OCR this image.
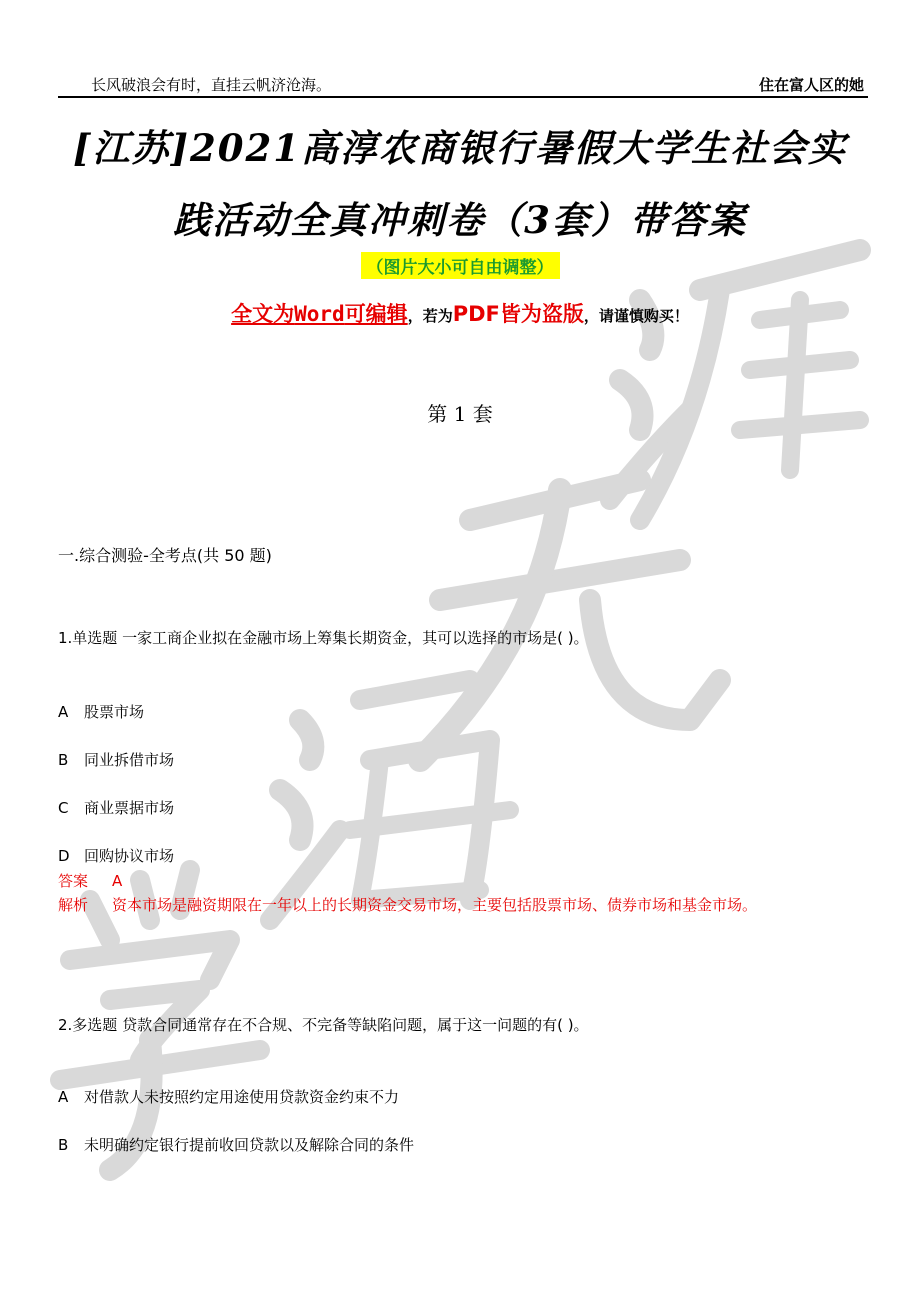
长风破浪会有时，直挂云帆济沧海。	住在富人区的她
[江苏]2021高淳农商银行暑假大学生社会实
践活动全真冲刺卷（3套）带答案
（图片大小可自由调整）
全文为Word可编辑，若为PDF皆为盗版，请谨慎购买！
第 1 套
一.综合测验-全考点(共 50 题)
1.单选题 一家工商企业拟在金融市场上筹集长期资金，其可以选择的市场是( )。
A 股票市场
B 同业拆借市场
C 商业票据市场
D 回购协议市场
答案 A
解析 资本市场是融资期限在一年以上的长期资金交易市场，主要包括股票市场、债券市场和基金市场。
2.多选题 贷款合同通常存在不合规、不完备等缺陷问题，属于这一问题的有( )。
A 对借款人未按照约定用途使用贷款资金约束不力
B 未明确约定银行提前收回贷款以及解除合同的条件
